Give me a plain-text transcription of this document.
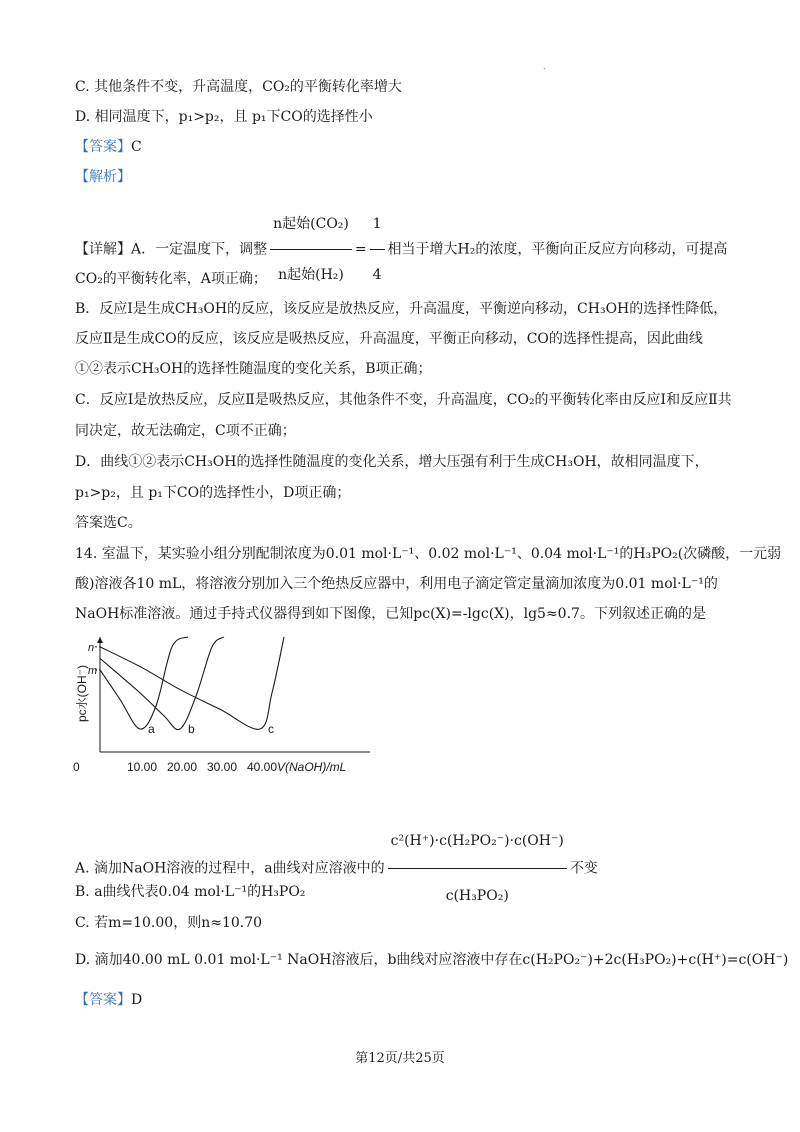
.
C. 其他条件不变，升高温度，CO₂的平衡转化率增大
D. 相同温度下，p₁>p₂，且 p₁下CO的选择性小
【答案】C
【解析】
【详解】A．一定温度下，调整 $\frac{\text{n起始(CO₂)}}{\text{n起始(H₂)}} = \frac{1}{4}$ 相当于增大H₂的浓度，平衡向正反应方向移动，可提高
CO₂的平衡转化率，A项正确；
B．反应Ⅰ是生成CH₃OH的反应，该反应是放热反应，升高温度，平衡逆向移动，CH₃OH的选择性降低，
反应Ⅱ是生成CO的反应，该反应是吸热反应，升高温度，平衡正向移动，CO的选择性提高，因此曲线
①②表示CH₃OH的选择性随温度的变化关系，B项正确；
C．反应Ⅰ是放热反应，反应Ⅱ是吸热反应，其他条件不变，升高温度，CO₂的平衡转化率由反应Ⅰ和反应Ⅱ共
同决定，故无法确定，C项不正确；
D．曲线①②表示CH₃OH的选择性随温度的变化关系，增大压强有利于生成CH₃OH，故相同温度下，
p₁>p₂，且 p₁下CO的选择性小，D项正确；
答案选C。
14. 室温下，某实验小组分别配制浓度为0.01 mol·L⁻¹、0.02 mol·L⁻¹、0.04 mol·L⁻¹的H₃PO₂(次磷酸，一元弱
酸)溶液各10 mL，将溶液分别加入三个绝热反应器中，利用电子滴定管定量滴加浓度为0.01 mol·L⁻¹的
NaOH标准溶液。通过手持式仪器得到如下图像，已知pc(X)=-lgc(X)，lg5≈0.7。下列叙述正确的是
n
m
pc水(OH⁻)
0	10.00 20.00 30.00 40.00 V(NaOH)/mL
a	b	c
A. 滴加NaOH溶液的过程中，a曲线对应溶液中的 $\frac{\text{c²(H⁺)·c(H₂PO₂⁻)·c(OH⁻)}}{\text{c(H₃PO₂)}}$ 不变
B. a曲线代表0.04 mol·L⁻¹的H₃PO₂
C. 若m=10.00，则n≈10.70
D. 滴加40.00 mL 0.01 mol·L⁻¹ NaOH溶液后，b曲线对应溶液中存在c(H₂PO₂⁻)+2c(H₃PO₂)+c(H⁺)=c(OH⁻)
【答案】D
第12页/共25页
